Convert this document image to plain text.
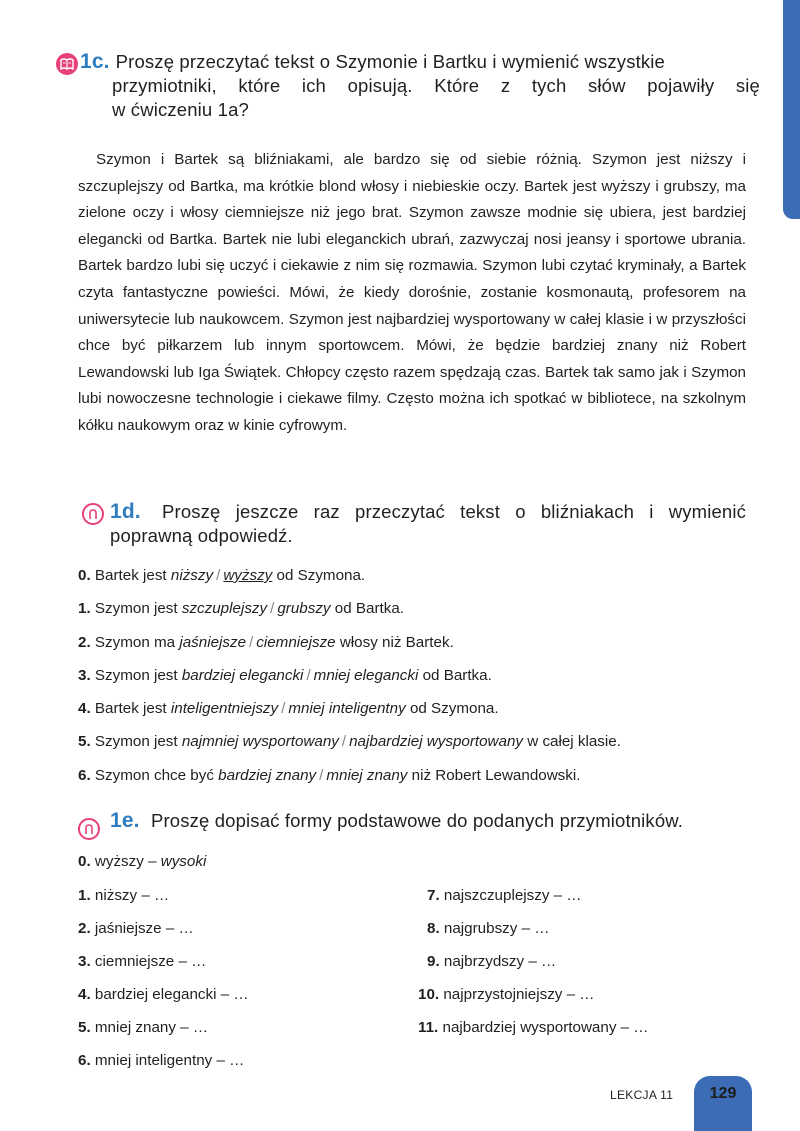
1c. Proszę przeczytać tekst o Szymonie i Bartku i wymienić wszystkie
przymiotniki, które ich opisują. Które z tych słów pojawiły się
w ćwiczeniu 1a?
Szymon i Bartek są bliźniakami, ale bardzo się od siebie różnią. Szymon jest niższy i szczuplejszy od Bartka, ma krótkie blond włosy i niebieskie oczy. Bartek jest wyższy i grubszy, ma zielone oczy i włosy ciemniejsze niż jego brat. Szymon zawsze modnie się ubiera, jest bardziej elegancki od Bartka. Bartek nie lubi eleganckich ubrań, zazwyczaj nosi jeansy i sportowe ubrania. Bartek bardzo lubi się uczyć i ciekawie z nim się rozmawia. Szymon lubi czytać kryminały, a Bartek czyta fantastyczne powieści. Mówi, że kiedy dorośnie, zostanie kosmonautą, profesorem na uniwersytecie lub naukowcem. Szymon jest najbardziej wysportowany w całej klasie i w przyszłości chce być piłkarzem lub innym sportowcem. Mówi, że będzie bardziej znany niż Robert Lewandowski lub Iga Świątek. Chłopcy często razem spędzają czas. Bartek tak samo jak i Szymon lubi nowoczesne technologie i ciekawe filmy. Często można ich spotkać w bibliotece, na szkolnym kółku naukowym oraz w kinie cyfrowym.
1d. Proszę jeszcze raz przeczytać tekst o bliźniakach i wymienić
poprawną odpowiedź.
0. Bartek jest niższy / wyższy od Szymona.
1. Szymon jest szczuplejszy / grubszy od Bartka.
2. Szymon ma jaśniejsze / ciemniejsze włosy niż Bartek.
3. Szymon jest bardziej elegancki / mniej elegancki od Bartka.
4. Bartek jest inteligentniejszy / mniej inteligentny od Szymona.
5. Szymon jest najmniej wysportowany / najbardziej wysportowany w całej klasie.
6. Szymon chce być bardziej znany / mniej znany niż Robert Lewandowski.
1e. Proszę dopisać formy podstawowe do podanych przymiotników.
0. wyższy – wysoki
1. niższy – …
2. jaśniejsze – …
3. ciemniejsze – …
4. bardziej elegancki – …
5. mniej znany – …
6. mniej inteligentny – …
7. najszczuplejszy – …
8. najgrubszy – …
9. najbrzydszy – …
10. najprzystojniejszy – …
11. najbardziej wysportowany – …
LEKCJA 11	129
